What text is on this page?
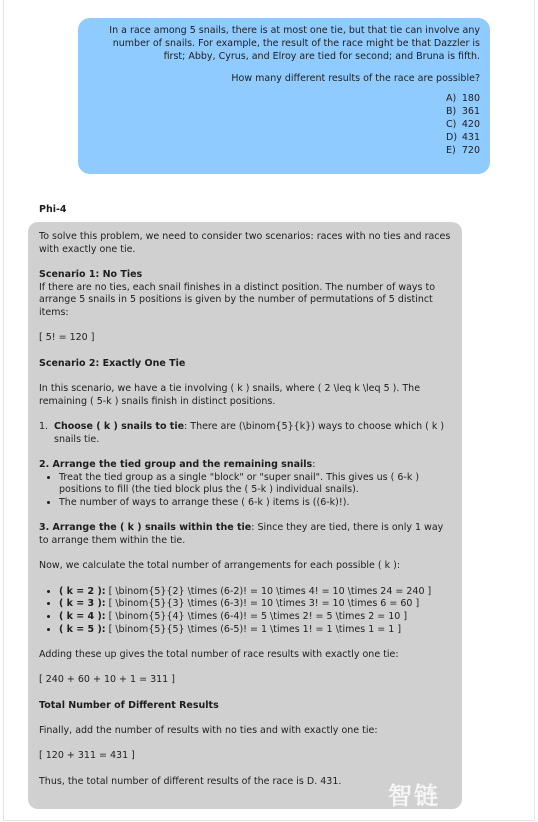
In a race among 5 snails, there is at most one tie, but that tie can involve any number of snails. For example, the result of the race might be that Dazzler is first; Abby, Cyrus, and Elroy are tied for second; and Bruna is fifth.

How many different results of the race are possible?

A) 180
B) 361
C) 420
D) 431
E) 720
Phi-4

To solve this problem, we need to consider two scenarios: races with no ties and races with exactly one tie.

Scenario 1: No Ties

If there are no ties, each snail finishes in a distinct position. The number of ways to arrange 5 snails in 5 positions is given by the number of permutations of 5 distinct items:

[ 5! = 120 ]

Scenario 2: Exactly One Tie

In this scenario, we have a tie involving ( k ) snails, where ( 2 \leq k \leq 5 ). The remaining ( 5-k ) snails finish in distinct positions.

1. Choose ( k ) snails to tie: There are (\binom{5}{k}) ways to choose which ( k ) snails tie.
2. Arrange the tied group and the remaining snails:
• Treat the tied group as a single "block" or "super snail". This gives us ( 6-k ) positions to fill (the tied block plus the ( 5-k ) individual snails).
• The number of ways to arrange these ( 6-k ) items is ((6-k)!).

3. Arrange the ( k ) snails within the tie: Since they are tied, there is only 1 way to arrange them within the tie.

Now, we calculate the total number of arrangements for each possible ( k ):

• ( k = 2 ): [ \binom{5}{2} \times (6-2)! = 10 \times 4! = 10 \times 24 = 240 ]
• ( k = 3 ): [ \binom{5}{3} \times (6-3)! = 10 \times 3! = 10 \times 6 = 60 ]
• ( k = 4 ): [ \binom{5}{4} \times (6-4)! = 5 \times 2! = 5 \times 2 = 10 ]
• ( k = 5 ): [ \binom{5}{5} \times (6-5)! = 1 \times 1! = 1 \times 1 = 1 ]

Adding these up gives the total number of race results with exactly one tie:

[ 240 + 60 + 10 + 1 = 311 ]

Total Number of Different Results

Finally, add the number of results with no ties and with exactly one tie:

[ 120 + 311 = 431 ]

Thus, the total number of different results of the race is D. 431.

智链
